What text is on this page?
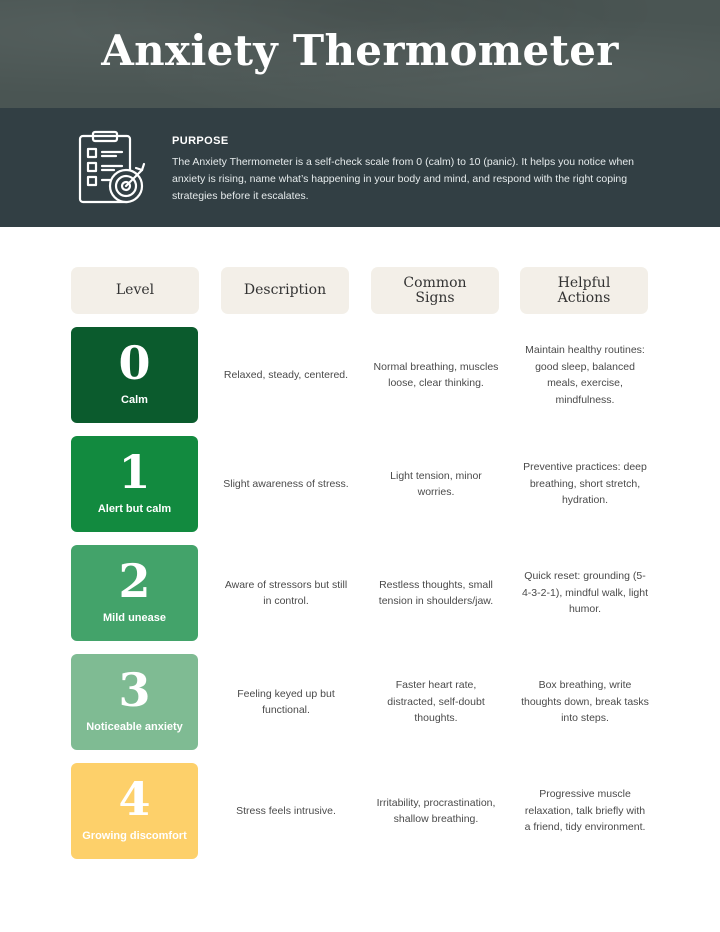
Anxiety Thermometer
PURPOSE
The Anxiety Thermometer is a self-check scale from 0 (calm) to 10 (panic). It helps you notice when anxiety is rising, name what’s happening in your body and mind, and respond with the right coping strategies before it escalates.
Level	Description	Common Signs
Helpful Actions
0
Calm
Relaxed, steady, centered.
Normal breathing, muscles loose, clear thinking.
Maintain healthy routines: good sleep, balanced meals, exercise, mindfulness.
1
Alert but calm
Slight awareness of stress.
Light tension, minor worries.
Preventive practices: deep breathing, short stretch, hydration.
2
Mild unease
Aware of stressors but still in control.
Restless thoughts, small tension in shoulders/jaw.
Quick reset: grounding (5-4-3-2-1), mindful walk, light humor.
3
Noticeable anxiety
Feeling keyed up but functional.
Faster heart rate, distracted, self-doubt thoughts.
Box breathing, write thoughts down, break tasks into steps.
4
Growing discomfort
Stress feels intrusive.
Irritability, procrastination, shallow breathing.
Progressive muscle relaxation, talk briefly with a friend, tidy environment.
